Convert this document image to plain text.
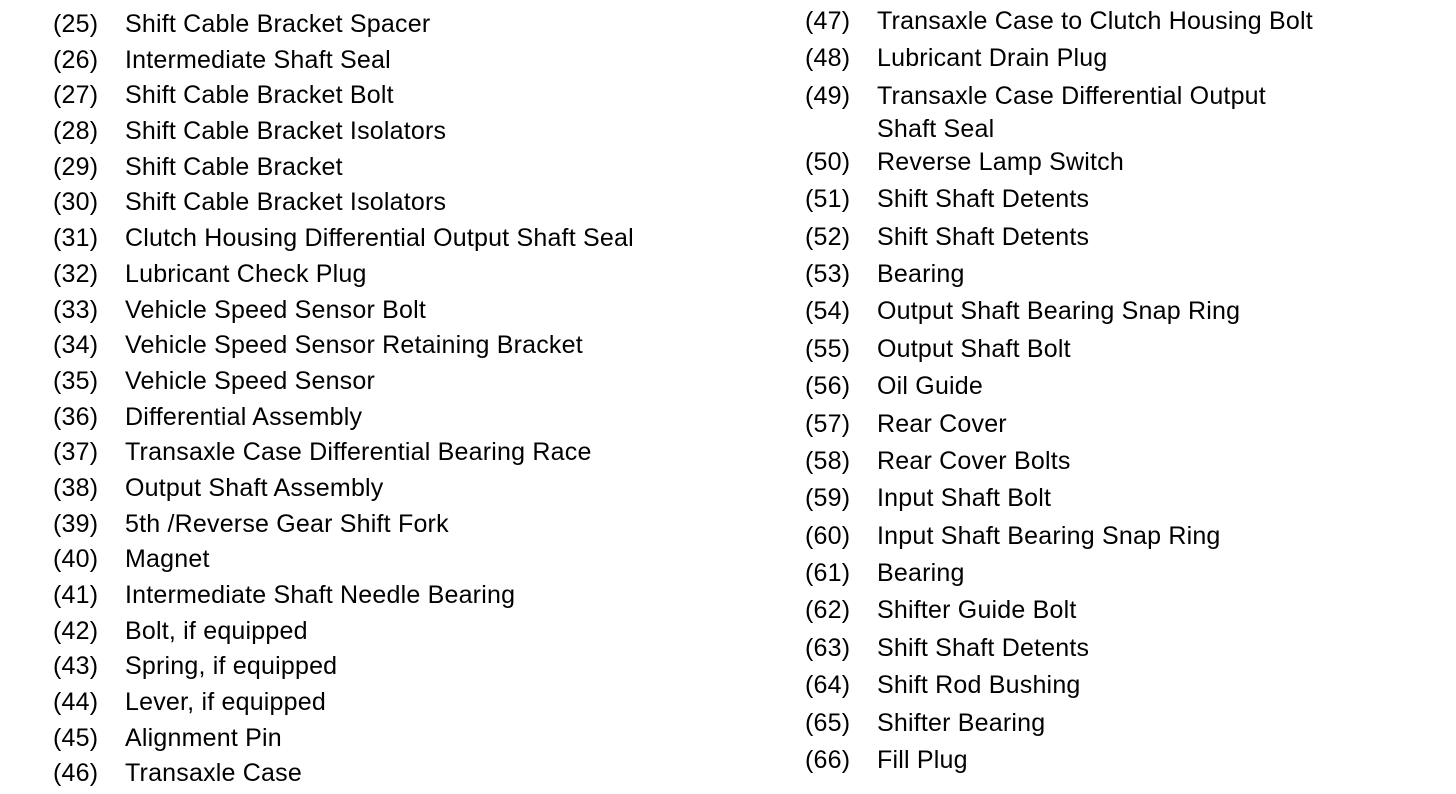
(25)	Shift Cable Bracket Spacer
(26)	Intermediate Shaft Seal
(27)	Shift Cable Bracket Bolt
(28)	Shift Cable Bracket Isolators
(29)	Shift Cable Bracket
(30)	Shift Cable Bracket Isolators
(31)	Clutch Housing Differential Output Shaft Seal
(32)	Lubricant Check Plug
(33)	Vehicle Speed Sensor Bolt
(34)	Vehicle Speed Sensor Retaining Bracket
(35)	Vehicle Speed Sensor
(36)	Differential Assembly
(37)	Transaxle Case Differential Bearing Race
(38)	Output Shaft Assembly
(39)	5th /Reverse Gear Shift Fork
(40)	Magnet
(41)	Intermediate Shaft Needle Bearing
(42)	Bolt, if equipped
(43)	Spring, if equipped
(44)	Lever, if equipped
(45)	Alignment Pin
(46)	Transaxle Case
(47)	Transaxle Case to Clutch Housing Bolt
(48)	Lubricant Drain Plug
(49)	Transaxle Case Differential Output
Shaft Seal
(50)	Reverse Lamp Switch
(51)	Shift Shaft Detents
(52)	Shift Shaft Detents
(53)	Bearing
(54)	Output Shaft Bearing Snap Ring
(55)	Output Shaft Bolt
(56)	Oil Guide
(57)	Rear Cover
(58)	Rear Cover Bolts
(59)	Input Shaft Bolt
(60)	Input Shaft Bearing Snap Ring
(61)	Bearing
(62)	Shifter Guide Bolt
(63)	Shift Shaft Detents
(64)	Shift Rod Bushing
(65)	Shifter Bearing
(66)	Fill Plug
